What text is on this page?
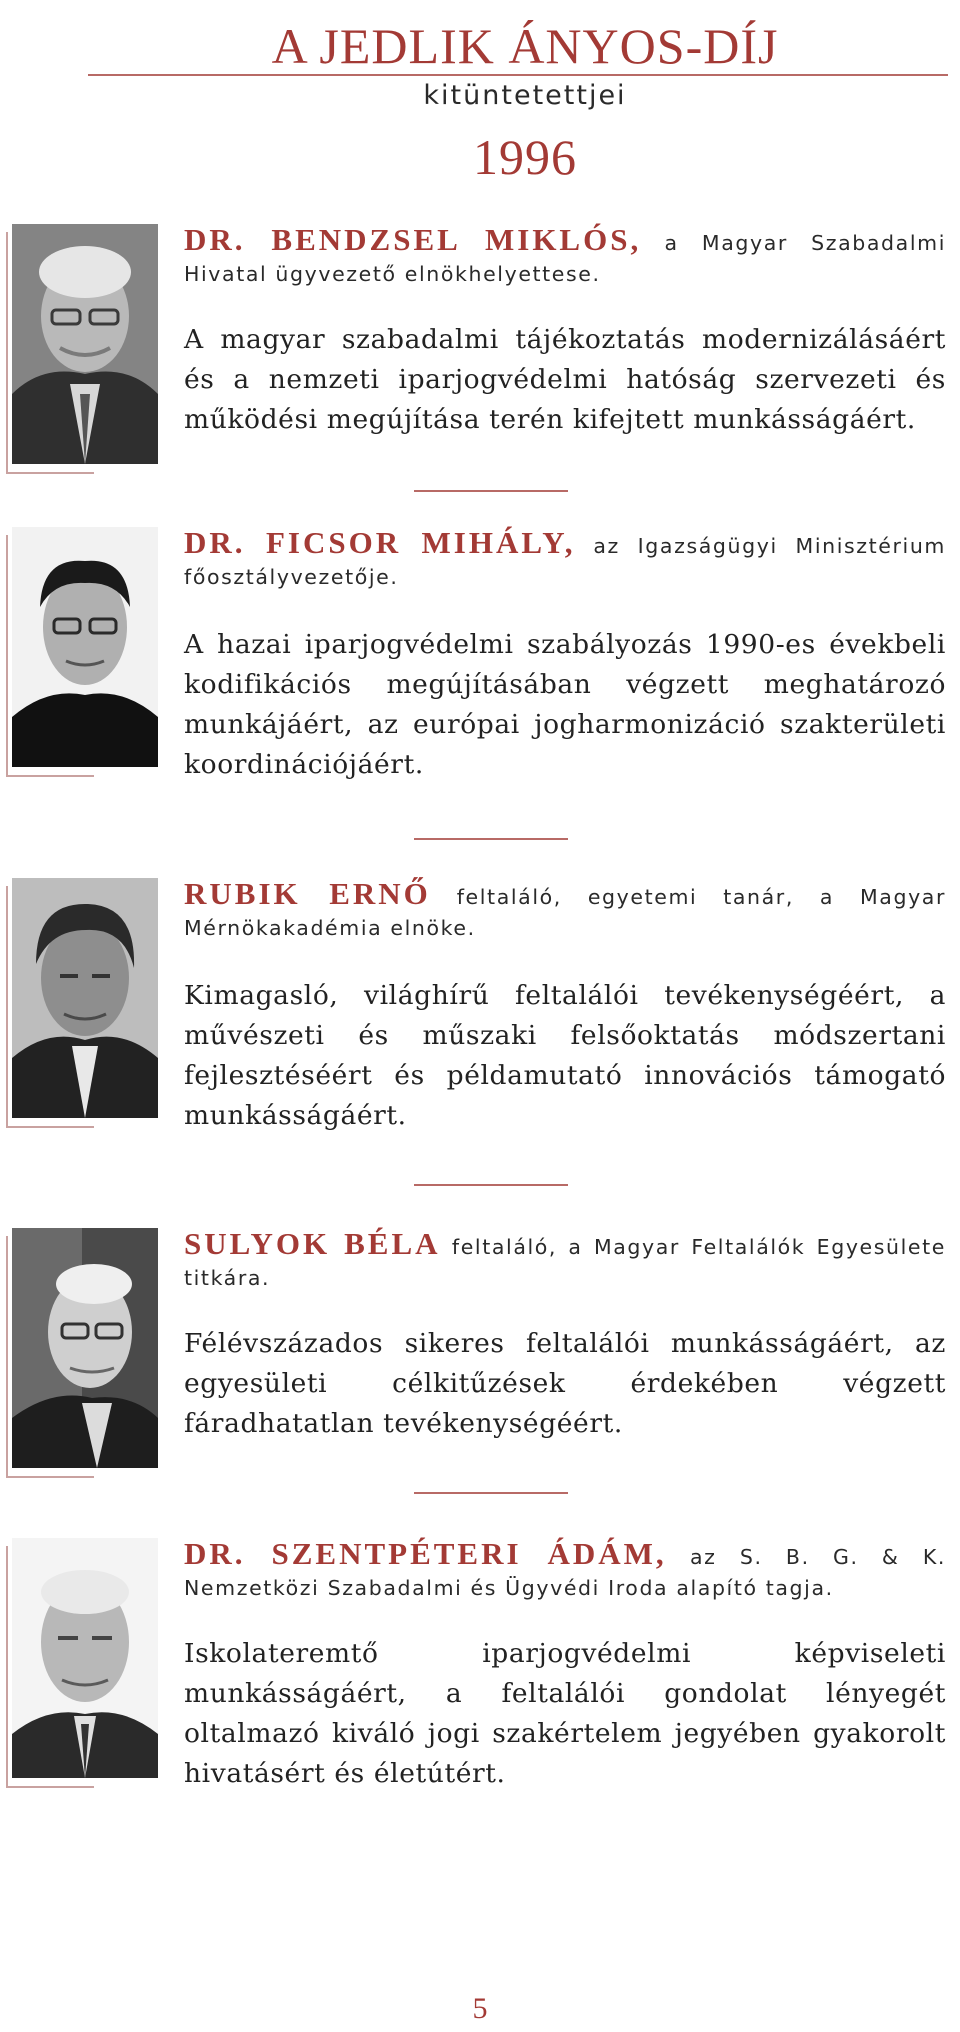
A JEDLIK ÁNYOS-DÍJ
kitüntetettjei
1996

DR. BENDZSEL MIKLÓS, a Magyar Szabadalmi Hivatal ügyvezető elnökhelyettese.

A magyar szabadalmi tájékoztatás modernizálásáért és a nemzeti iparjogvédelmi hatóság szervezeti és működési megújítása terén kifejtett munkásságáért.

DR. FICSOR MIHÁLY, az Igazságügyi Minisztérium főosztályvezetője.

A hazai iparjogvédelmi szabályozás 1990-es évekbeli kodifikációs megújításában végzett meghatározó munkájáért, az európai jogharmonizáció szakterületi koordinációjáért.

RUBIK ERNŐ feltaláló, egyetemi tanár, a Magyar Mérnökakadémia elnöke.

Kimagasló, világhírű feltalálói tevékenységéért, a művészeti és műszaki felsőoktatás módszertani fejlesztéséért és példamutató innovációs támogató munkásságáért.

SULYOK BÉLA feltaláló, a Magyar Feltalálók Egyesülete titkára.

Félévszázados sikeres feltalálói munkásságáért, az egyesületi célkitűzések érdekében végzett fáradhatatlan tevékenységéért.

DR. SZENTPÉTERI ÁDÁM, az S. B. G. & K. Nemzetközi Szabadalmi és Ügyvédi Iroda alapító tagja.

Iskolateremtő iparjogvédelmi képviseleti munkásságáért, a feltalálói gondolat lényegét oltalmazó kiváló jogi szakértelem jegyében gyakorolt hivatásért és életútért.

5
